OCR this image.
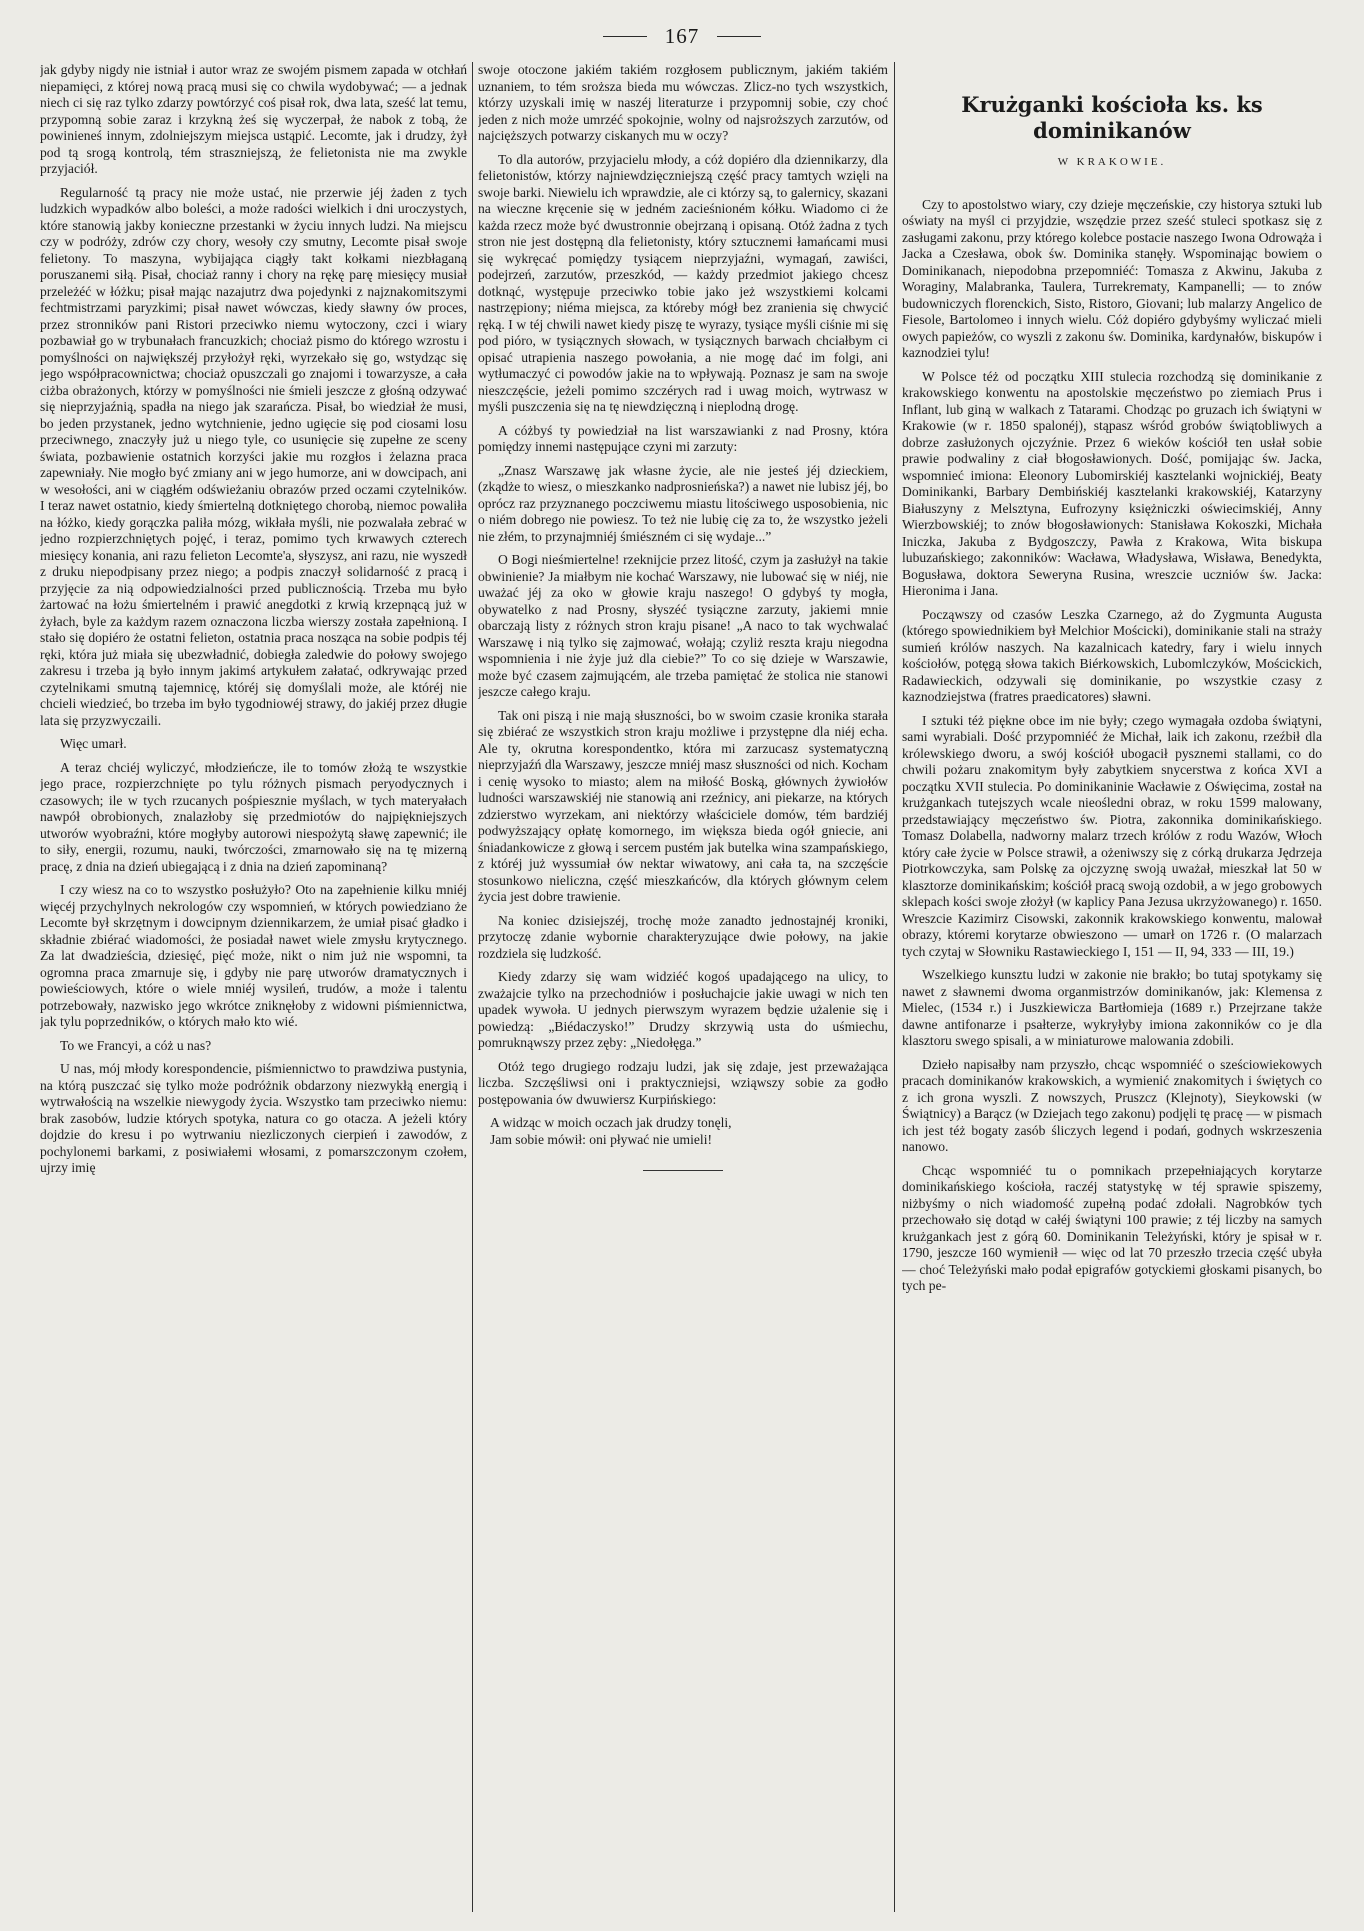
167

jak gdyby nigdy nie istniał i autor wraz ze swojém pismem zapada w otchłań niepamięci, z której nową pracą musi się co chwila wydobywać; — a jednak niech ci się raz tylko zdarzy powtórzyć coś pisał rok, dwa lata, sześć lat temu, przypomną sobie zaraz i krzykną żeś się wyczerpał, że nabok z tobą, że powinieneś innym, zdolniejszym miejsca ustąpić. Lecomte, jak i drudzy, żył pod tą srogą kontrolą, tém straszniejszą, że felietonista nie ma zwykle przyjaciół.

Regularność tą pracy nie może ustać, nie przerwie jéj żaden z tych ludzkich wypadków albo boleści, a może radości wielkich i dni uroczystych, które stanowią jakby konieczne przestanki w życiu innych ludzi. Na miejscu czy w podróży, zdrów czy chory, wesoły czy smutny, Lecomte pisał swoje felietony. To maszyna, wybijająca ciągły takt kołkami niezbłaganą poruszanemi siłą. Pisał, chociaż ranny i chory na rękę parę miesięcy musiał przeleżéć w łóżku; pisał mając nazajutrz dwa pojedynki z najznakomitszymi fechtmistrzami paryzkimi; pisał nawet wówczas, kiedy sławny ów proces, przez stronników pani Ristori przeciwko niemu wytoczony, czci i wiary pozbawiał go w trybunałach francuzkich; chociaż pismo do którego wzrostu i pomyślności on największéj przyłożył ręki, wyrzekało się go, wstydząc się jego współpracownictwa; chociaż opuszczali go znajomi i towarzysze, a cała ciżba obrażonych, którzy w pomyślności nie śmieli jeszcze z głośną odzywać się nieprzyjaźnią, spadła na niego jak szarańcza. Pisał, bo wiedział że musi, bo jeden przystanek, jedno wytchnienie, jedno ugięcie się pod ciosami losu przeciwnego, znaczyły już u niego tyle, co usunięcie się zupełne ze sceny świata, pozbawienie ostatnich korzyści jakie mu rozgłos i żelazna praca zapewniały. Nie mogło być zmiany ani w jego humorze, ani w dowcipach, ani w wesołości, ani w ciągłém odświeżaniu obrazów przed oczami czytelników. I teraz nawet ostatnio, kiedy śmiertelną dotkniętego chorobą, niemoc powaliła na łóżko, kiedy gorączka paliła mózg, wikłała myśli, nie pozwalała zebrać w jedno rozpierzchniętych pojęć, i teraz, pomimo tych krwawych czterech miesięcy konania, ani razu felieton Lecomte'a, słyszysz, ani razu, nie wyszedł z druku niepodpisany przez niego; a podpis znaczył solidarność z pracą i przyjęcie za nią odpowiedzialności przed publicznością. Trzeba mu było żartować na łożu śmiertelném i prawić anegdotki z krwią krzepnącą już w żyłach, byle za każdym razem oznaczona liczba wierszy została zapełnioną. I stało się dopiéro że ostatni felieton, ostatnia praca nosząca na sobie podpis téj ręki, która już miała się ubezwładnić, dobiegła zaledwie do połowy swojego zakresu i trzeba ją było innym jakimś artykułem załatać, odkrywając przed czytelnikami smutną tajemnicę, któréj się domyślali może, ale któréj nie chcieli wiedzieć, bo trzeba im było tygodniowéj strawy, do jakiéj przez długie lata się przyzwyczaili.

Więc umarł.

A teraz chciéj wyliczyć, młodzieńcze, ile to tomów złożą te wszystkie jego prace, rozpierzchnięte po tylu różnych pismach peryodycznych i czasowych; ile w tych rzucanych pośpiesznie myślach, w tych materyałach nawpół obrobionych, znalazłoby się przedmiotów do najpiękniejszych utworów wyobraźni, które mogłyby autorowi niespożytą sławę zapewnić; ile to siły, energii, rozumu, nauki, twórczości, zmarnowało się na tę mizerną pracę, z dnia na dzień ubiegającą i z dnia na dzień zapominaną?

I czy wiesz na co to wszystko posłużyło? Oto na zapełnienie kilku mniéj więcéj przychylnych nekrologów czy wspomnień, w których powiedziano że Lecomte był skrzętnym i dowcipnym dziennikarzem, że umiał pisać gładko i składnie zbiérać wiadomości, że posiadał nawet wiele zmysłu krytycznego. Za lat dwadzieścia, dziesięć, pięć może, nikt o nim już nie wspomni, ta ogromna praca zmarnuje się, i gdyby nie parę utworów dramatycznych i powieściowych, które o wiele mniéj wysileń, trudów, a może i talentu potrzebowały, nazwisko jego wkrótce zniknęłoby z widowni piśmiennictwa, jak tylu poprzedników, o których mało kto wié.

To we Francyi, a cóż u nas?

U nas, mój młody korespondencie, piśmiennictwo to prawdziwa pustynia, na którą puszczać się tylko może podróżnik obdarzony niezwykłą energią i wytrwałością na wszelkie niewygody życia. Wszystko tam przeciwko niemu: brak zasobów, ludzie których spotyka, natura co go otacza. A jeżeli który dojdzie do kresu i po wytrwaniu niezliczonych cierpień i zawodów, z pochylonemi barkami, z posiwiałemi włosami, z pomarszczonym czołem, ujrzy imię

swoje otoczone jakiém takiém rozgłosem publicznym, jakiém takiém uznaniem, to tém sroższa bieda mu wówczas. Zlicz-no tych wszystkich, którzy uzyskali imię w naszéj literaturze i przypomnij sobie, czy choć jeden z nich może umrzéć spokojnie, wolny od najsroższych zarzutów, od najcięższych potwarzy ciskanych mu w oczy?

To dla autorów, przyjacielu młody, a cóż dopiéro dla dziennikarzy, dla felietonistów, którzy najniewdzięczniejszą część pracy tamtych wzięli na swoje barki. Niewielu ich wprawdzie, ale ci którzy są, to galernicy, skazani na wieczne kręcenie się w jedném zacieśnioném kółku. Wiadomo ci że każda rzecz może być dwustronnie obejrzaną i opisaną. Otóż żadna z tych stron nie jest dostępną dla felietonisty, który sztucznemi łamańcami musi się wykręcać pomiędzy tysiącem nieprzyjaźni, wymagań, zawiści, podejrzeń, zarzutów, przeszkód, — każdy przedmiot jakiego chcesz dotknąć, występuje przeciwko tobie jako jeż wszystkiemi kolcami nastrzępiony; niéma miejsca, za któreby mógł bez zranienia się chwycić ręką. I w téj chwili nawet kiedy piszę te wyrazy, tysiące myśli ciśnie mi się pod pióro, w tysiącznych słowach, w tysiącznych barwach chciałbym ci opisać utrapienia naszego powołania, a nie mogę dać im folgi, ani wytłumaczyć ci powodów jakie na to wpływają. Poznasz je sam na swoje nieszczęście, jeżeli pomimo szczérych rad i uwag moich, wytrwasz w myśli puszczenia się na tę niewdzięczną i nieplodną drogę.

A cóżbyś ty powiedział na list warszawianki z nad Prosny, która pomiędzy innemi następujące czyni mi zarzuty:

„Znasz Warszawę jak własne życie, ale nie jesteś jéj dzieckiem, (zkądże to wiesz, o mieszkanko nadprosnieńska?) a nawet nie lubisz jéj, bo oprócz raz przyznanego poczciwemu miastu litościwego usposobienia, nic o niém dobrego nie powiesz. To też nie lubię cię za to, że wszystko jeżeli nie złém, to przynajmniéj śmiészném ci się wydaje...”

O Bogi nieśmiertelne! rzeknijcie przez litość, czym ja zasłużył na takie obwinienie? Ja miałbym nie kochać Warszawy, nie lubować się w niéj, nie uważać jéj za oko w głowie kraju naszego! O gdybyś ty mogła, obywatelko z nad Prosny, słyszéć tysiączne zarzuty, jakiemi mnie obarczają listy z różnych stron kraju pisane! „A naco to tak wychwalać Warszawę i nią tylko się zajmować, wołają; czyliż reszta kraju niegodna wspomnienia i nie żyje już dla ciebie?” To co się dzieje w Warszawie, może być czasem zajmującém, ale trzeba pamiętać że stolica nie stanowi jeszcze całego kraju.

Tak oni piszą i nie mają słuszności, bo w swoim czasie kronika starała się zbiérać ze wszystkich stron kraju możliwe i przystępne dla niéj echa. Ale ty, okrutna korespondentko, która mi zarzucasz systematyczną nieprzyjaźń dla Warszawy, jeszcze mniéj masz słuszności od nich. Kocham i cenię wysoko to miasto; alem na miłość Boską, głównych żywiołów ludności warszawskiéj nie stanowią ani rzeźnicy, ani piekarze, na których zdzierstwo wyrzekam, ani niektórzy właściciele domów, tém bardziéj podwyższający opłatę komornego, im większa bieda ogół gniecie, ani śniadankowicze z głową i sercem pustém jak butelka wina szampańskiego, z któréj już wyssumiał ów nektar wiwatowy, ani cała ta, na szczęście stosunkowo nieliczna, część mieszkańców, dla których głównym celem życia jest dobre trawienie.

Na koniec dzisiejszéj, trochę może zanadto jednostajnéj kroniki, przytoczę zdanie wybornie charakteryzujące dwie połowy, na jakie rozdziela się ludzkość.

Kiedy zdarzy się wam widziéć kogoś upadającego na ulicy, to zważajcie tylko na przechodniów i posłuchajcie jakie uwagi w nich ten upadek wywoła. U jednych pierwszym wyrazem będzie użalenie się i powiedzą: „Biédaczysko!” Drudzy skrzywią usta do uśmiechu, pomruknąwszy przez zęby: „Niedołęga.”

Otóż tego drugiego rodzaju ludzi, jak się zdaje, jest przeważająca liczba. Szczęśliwsi oni i praktyczniejsi, wziąwszy sobie za godło postępowania ów dwuwiersz Kurpińskiego:

A widząc w moich oczach jak drudzy tonęli,

Jam sobie mówił: oni pływać nie umieli!

Krużganki kościoła ks. ks dominikanów
W KRAKOWIE.

Czy to apostolstwo wiary, czy dzieje męczeńskie, czy historya sztuki lub oświaty na myśl ci przyjdzie, wszędzie przez sześć stuleci spotkasz się z zasługami zakonu, przy którego kolebce postacie naszego Iwona Odrowąża i Jacka a Czesława, obok św. Dominika stanęły. Wspominając bowiem o Dominikanach, niepodobna przepomniéć: Tomasza z Akwinu, Jakuba z Woraginy, Malabranka, Taulera, Turrekrematy, Kampanelli; — to znów budowniczych florenckich, Sisto, Ristoro, Giovani; lub malarzy Angelico de Fiesole, Bartolomeo i innych wielu. Cóż dopiéro gdybyśmy wyliczać mieli owych papieżów, co wyszli z zakonu św. Dominika, kardynałów, biskupów i kaznodziei tylu!

W Polsce téż od początku XIII stulecia rozchodzą się dominikanie z krakowskiego konwentu na apostolskie męczeństwo po ziemiach Prus i Inflant, lub giną w walkach z Tatarami. Chodząc po gruzach ich świątyni w Krakowie (w r. 1850 spalonéj), stąpasz wśród grobów świątobliwych a dobrze zasłużonych ojczyźnie. Przez 6 wieków kościół ten usłał sobie prawie podwaliny z ciał błogosławionych. Dość, pomijając św. Jacka, wspomnieć imiona: Eleonory Lubomirskiéj kasztelanki wojnickiéj, Beaty Dominikanki, Barbary Dembińskiéj kasztelanki krakowskiéj, Katarzyny Białuszyny z Melsztyna, Eufrozyny księżniczki oświecimskiéj, Anny Wierzbowskiéj; to znów błogosławionych: Stanisława Kokoszki, Michała Iniczka, Jakuba z Bydgoszczy, Pawła z Krakowa, Wita biskupa lubuzańskiego; zakonników: Wacława, Władysława, Wisława, Benedykta, Bogusława, doktora Seweryna Rusina, wreszcie uczniów św. Jacka: Hieronima i Jana.

Począwszy od czasów Leszka Czarnego, aż do Zygmunta Augusta (którego spowiednikiem był Melchior Mościcki), dominikanie stali na straży sumień królów naszych. Na kazalnicach katedry, fary i wielu innych kościołów, potęgą słowa takich Biérkowskich, Lubomlczyków, Mościckich, Radawieckich, odzywali się dominikanie, po wszystkie czasy z kaznodziejstwa (fratres praedicatores) sławni.

I sztuki téż piękne obce im nie były; czego wymagała ozdoba świątyni, sami wyrabiali. Dość przypomniéć że Michał, laik ich zakonu, rzeźbił dla królewskiego dworu, a swój kościół ubogacił pysznemi stallami, co do chwili pożaru znakomitym były zabytkiem snycerstwa z końca XVI a początku XVII stulecia. Po dominikaninie Wacławie z Oświęcima, został na krużgankach tutejszych wcale nieośledni obraz, w roku 1599 malowany, przedstawiający męczeństwo św. Piotra, zakonnika dominikańskiego. Tomasz Dolabella, nadworny malarz trzech królów z rodu Wazów, Włoch który całe życie w Polsce strawił, a ożeniwszy się z córką drukarza Jędrzeja Piotrkowczyka, sam Polskę za ojczyznę swoją uważał, mieszkał lat 50 w klasztorze dominikańskim; kościół pracą swoją ozdobił, a w jego grobowych sklepach kości swoje złożył (w kaplicy Pana Jezusa ukrzyżowanego) r. 1650. Wreszcie Kazimirz Cisowski, zakonnik krakowskiego konwentu, malował obrazy, któremi korytarze obwieszono — umarł on 1726 r. (O malarzach tych czytaj w Słowniku Rastawieckiego I, 151 — II, 94, 333 — III, 19.)

Wszelkiego kunsztu ludzi w zakonie nie brakło; bo tutaj spotykamy się nawet z sławnemi dwoma organmistrzów dominikanów, jak: Klemensa z Mielec, (1534 r.) i Juszkiewicza Bartłomieja (1689 r.) Przejrzane także dawne antifonarze i psałterze, wykryłyby imiona zakonników co je dla klasztoru swego spisali, a w miniaturowe malowania zdobili.

Dzieło napisałby nam przyszło, chcąc wspomniéć o sześciowiekowych pracach dominikanów krakowskich, a wymienić znakomitych i świętych co z ich grona wyszli. Z nowszych, Pruszcz (Klejnoty), Sieykowski (w Świątnicy) a Barącz (w Dziejach tego zakonu) podjęli tę pracę — w pismach ich jest téż bogaty zasób śliczych legend i podań, godnych wskrzeszenia nanowo.

Chcąc wspomniéć tu o pomnikach przepełniających korytarze dominikańskiego kościoła, raczéj statystykę w téj sprawie spiszemy, niżbyśmy o nich wiadomość zupełną podać zdołali. Nagrobków tych przechowało się dotąd w całéj świątyni 100 prawie; z téj liczby na samych krużgankach jest z górą 60. Dominikanin Teleżyński, który je spisał w r. 1790, jeszcze 160 wymienił — więc od lat 70 przeszło trzecia część ubyła — choć Teleżyński mało podał epigrafów gotyckiemi głoskami pisanych, bo tych pe-
